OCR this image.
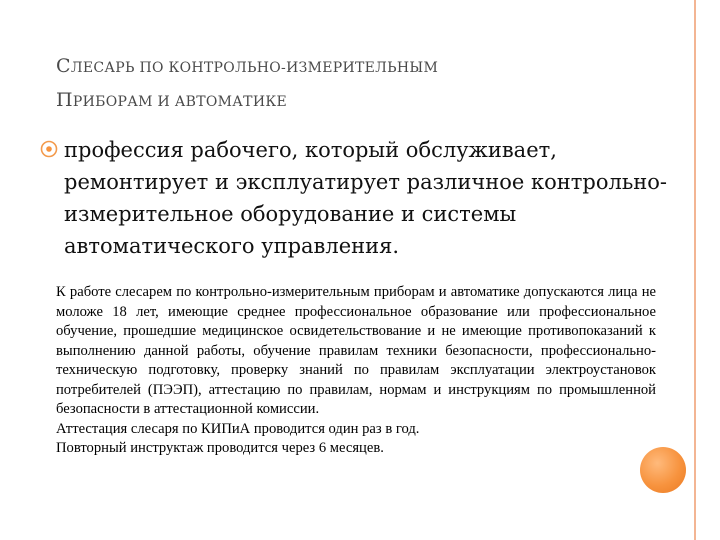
СЛЕСАРЬ ПО КОНТРОЛЬНО-ИЗМЕРИТЕЛЬНЫМ
ПРИБОРАМ И АВТОМАТИКЕ

профессия рабочего, который обслуживает, ремонтирует и эксплуатирует различное контрольно-измерительное оборудование и системы автоматического управления.

К работе слесарем по контрольно-измерительным приборам и автоматике допускаются лица не моложе 18 лет, имеющие среднее профессиональное образование или профессиональное обучение, прошедшие медицинское освидетельствование и не имеющие противопоказаний к выполнению данной работы, обучение правилам техники безопасности, профессионально-техническую подготовку, проверку знаний по правилам эксплуатации электроустановок потребителей (ПЭЭП), аттестацию по правилам, нормам и инструкциям по промышленной безопасности в аттестационной комиссии.

Аттестация слесаря по КИПиА проводится один раз в год.

Повторный инструктаж проводится через 6 месяцев.
